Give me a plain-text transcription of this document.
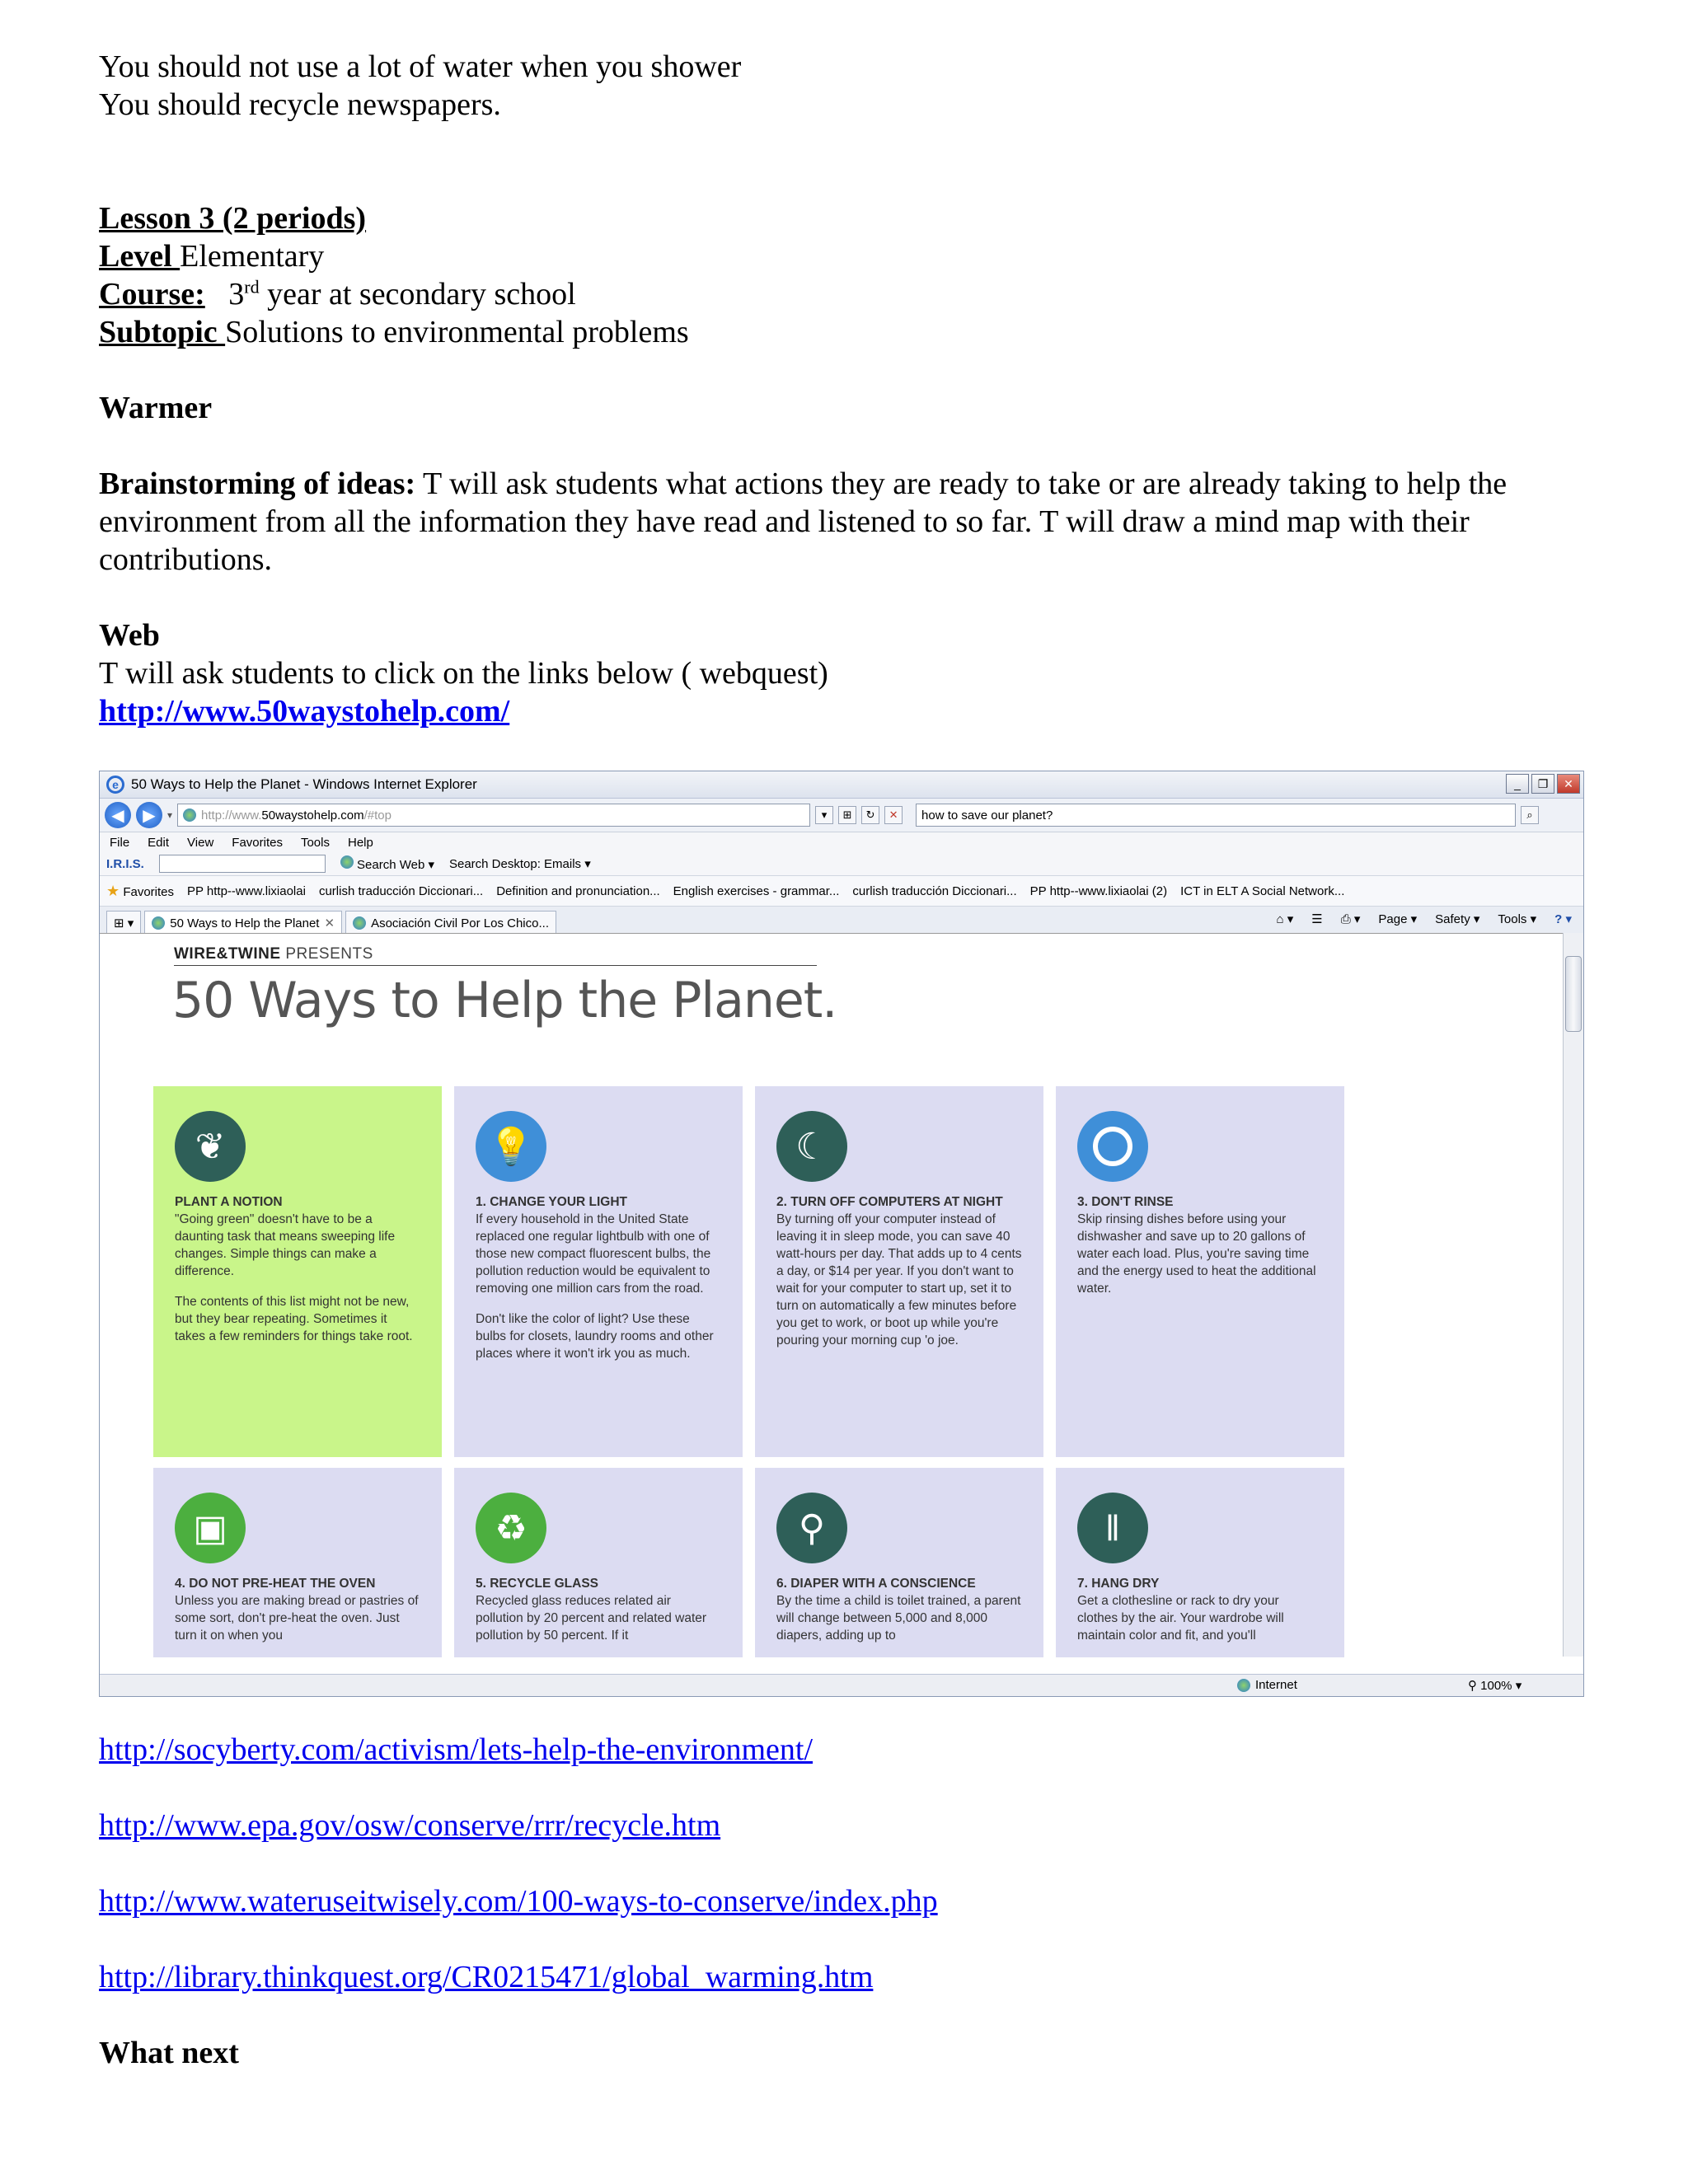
You should not use a lot of water when you shower

You should recycle newspapers.

Lesson 3 (2 periods)

Level Elementary

Course: 3rd year at secondary school

Subtopic Solutions to environmental problems

Warmer

Brainstorming of ideas: T will ask students what actions they are ready to take or are already taking to help the environment from all the information they have read and listened to so far. T will draw a mind map with their contributions.

Web

T will ask students to click on the links below ( webquest)

http://www.50waystohelp.com/

e 50 Ways to Help the Planet - Windows Internet Explorer	_	❐	✕
◀	▶	▾ http://www. 50waystohelp.com /#top	▾	⊞	↻	✕	how to save our planet?	⌕
File Edit View Favorites Tools Help
I.R.I.S.	Search Web ▾ Search Desktop: Emails ▾
★ Favorites PP http--www.lixiaolai curlish traducción Diccionari... Definition and pronunciation... English exercises - grammar... curlish traducción Diccionari... PP http--www.lixiaolai (2) ICT in ELT A Social Network...
⊞ ▾	50 Ways to Help the Planet ✕	Asociación Civil Por Los Chico...	⌂ ▾ ☰ ⎙ ▾ Page ▾ Safety ▾ Tools ▾ ? ▾
WIRE&TWINE PRESENTS
50 Ways to Help the Planet.
❦

PLANT A NOTION

"Going green" doesn't have to be a daunting task that means sweeping life changes. Simple things can make a difference.

The contents of this list might not be new, but they bear repeating. Sometimes it takes a few reminders for things take root.

💡

1. CHANGE YOUR LIGHT

If every household in the United State replaced one regular lightbulb with one of those new compact fluorescent bulbs, the pollution reduction would be equivalent to removing one million cars from the road.

Don't like the color of light? Use these bulbs for closets, laundry rooms and other places where it won't irk you as much.

☾

2. TURN OFF COMPUTERS AT NIGHT

By turning off your computer instead of leaving it in sleep mode, you can save 40 watt-hours per day. That adds up to 4 cents a day, or $14 per year. If you don't want to wait for your computer to start up, set it to turn on automatically a few minutes before you get to work, or boot up while you're pouring your morning cup 'o joe.

3. DON'T RINSE

Skip rinsing dishes before using your dishwasher and save up to 20 gallons of water each load. Plus, you're saving time and the energy used to heat the additional water.

▣

4. DO NOT PRE-HEAT THE OVEN

Unless you are making bread or pastries of some sort, don't pre-heat the oven. Just turn it on when you

♻

5. RECYCLE GLASS

Recycled glass reduces related air pollution by 20 percent and related water pollution by 50 percent. If it

⚲

6. DIAPER WITH A CONSCIENCE

By the time a child is toilet trained, a parent will change between 5,000 and 8,000 diapers, adding up to

ǁ

7. HANG DRY

Get a clothesline or rack to dry your clothes by the air. Your wardrobe will maintain color and fit, and you'll

Internet	⚲ 100% ▾

http://socyberty.com/activism/lets-help-the-environment/

http://www.epa.gov/osw/conserve/rrr/recycle.htm

http://www.wateruseitwisely.com/100-ways-to-conserve/index.php

http://library.thinkquest.org/CR0215471/global_warming.htm

What next
